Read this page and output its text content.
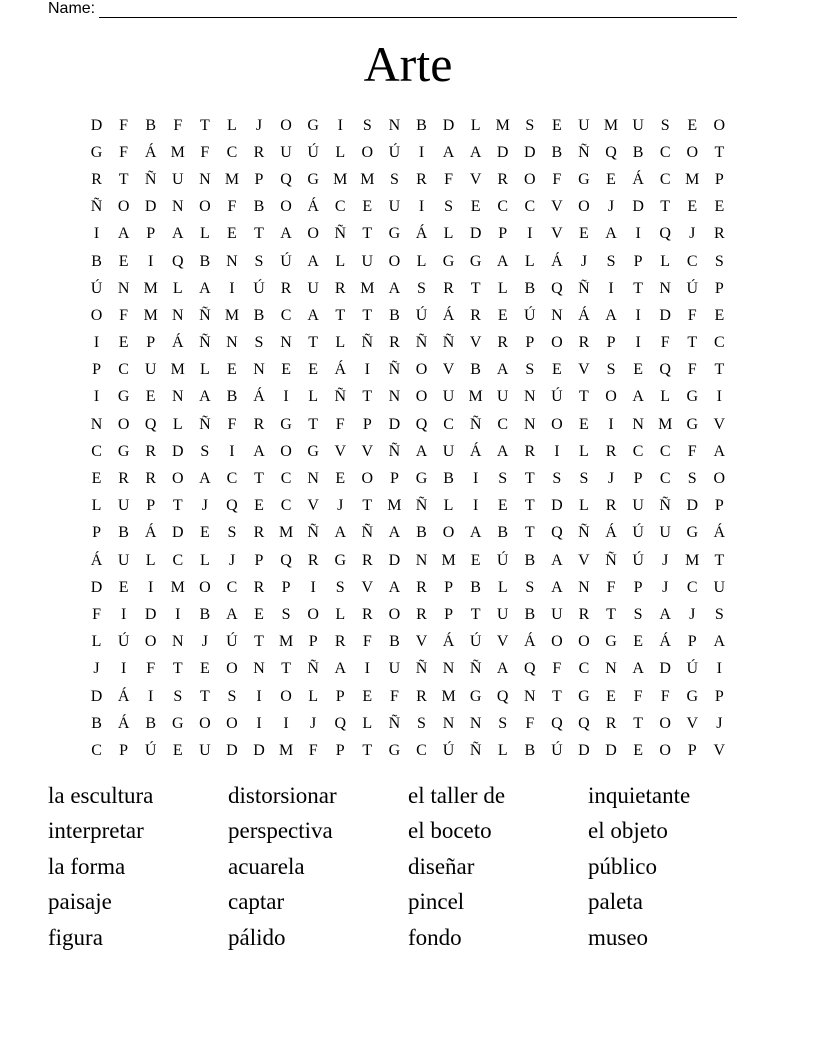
Name:
Arte
D	F	B	F	T	L	J	O G	I	S	N B D	L M S	E	U M U	S	E	O
G	F	Á M F	C	R U Ú	L	O Ú	I	A A D D B Ñ Q B	C O	T
R	T	Ñ U N M P	Q G M M S	R	F	V R O	F	G	E	Á C M P
Ñ O D N O	F	B O Á C	E	U	I	S	E	C	C V O	J	D	T	E	E
I	A	P	A	L	E	T	A O Ñ	T	G Á	L	D	P	I	V	E	A	I	Q	J	R
B	E	I	Q B N	S	Ú A	L	U O	L	G G A	L	Á	J	S	P	L	C	S
Ú N M L	A	I	Ú R U R M A	S	R	T	L	B Q Ñ	I	T	N Ú	P
O	F M N Ñ M B	C A	T	T	B Ú Á R	E	Ú N Á A	I	D	F	E
I	E	P	Á Ñ N	S	N	T	L	Ñ R Ñ Ñ V R	P	O R	P	I	F	T	C
P	C U M L	E	N	E	E	Á	I	Ñ O V B A	S	E	V	S	E	Q	F	T
I	G	E	N A B Á	I	L	Ñ	T	N O U M U N Ú	T	O A	L	G	I
N O Q	L	Ñ	F	R G	T	F	P	D Q C Ñ C N O	E	I	N M G V
C G R D	S	I	A O G V V Ñ A U Á A R	I	L	R	C	C	F	A
E	R	R O A C	T	C N	E	O	P	G B	I	S	T	S	S	J	P	C	S	O
L	U	P	T	J	Q	E	C V	J	T M Ñ	L	I	E	T	D	L	R U Ñ D	P
P	B Á D	E	S	R M Ñ A Ñ A B O A B	T	Q Ñ Á Ú U G Á
Á U	L	C	L	J	P	Q R G R D N M E	Ú B A V Ñ Ú	J	M T
D	E	I	M O C	R	P	I	S	V A R	P	B	L	S	A N	F	P	J	C U
F	I	D	I	B A	E	S	O	L	R O R	P	T	U B U R	T	S	A	J	S
L	Ú O N	J	Ú	T M P	R	F	B V Á Ú V Á O O G	E	Á	P	A
J	I	F	T	E	O N	T	Ñ A	I	U Ñ N Ñ A Q	F	C N A D Ú	I
D Á	I	S	T	S	I	O	L	P	E	F	R M G Q N	T	G	E	F	F	G	P
B Á B G O O	I	I	J	Q	L	Ñ	S	N N	S	F	Q Q R	T	O V	J
C	P	Ú	E	U D D M F	P	T	G C Ú Ñ	L	B Ú D D	E	O	P	V
la escultura	distorsionar	el taller de	inquietante
interpretar	perspectiva	el boceto	el objeto
la forma	acuarela	diseñar	público
paisaje	captar	pincel	paleta
figura	pálido	fondo	museo
